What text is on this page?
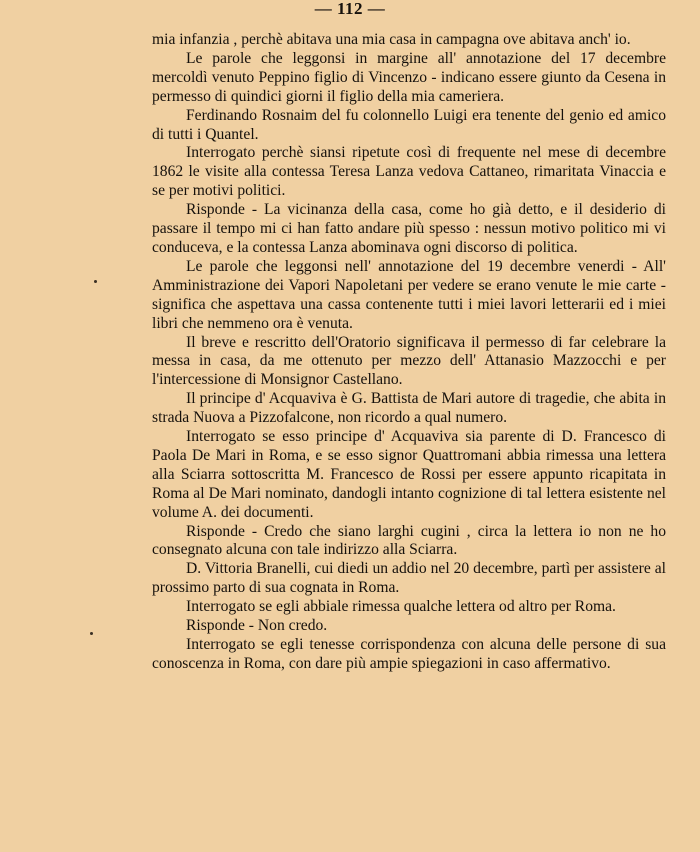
— 112 —

mia infanzia , perchè abitava una mia casa in campagna ove abitava anch' io.

Le parole che leggonsi in margine all' annotazione del 17 decembre mercoldì venuto Peppino figlio di Vincenzo - indicano essere giunto da Cesena in permesso di quindici giorni il figlio della mia cameriera.

Ferdinando Rosnaim del fu colonnello Luigi era tenente del genio ed amico di tutti i Quantel.

Interrogato perchè siansi ripetute così di frequente nel mese di decembre 1862 le visite alla contessa Teresa Lanza vedova Cattaneo, rimaritata Vinaccia e se per motivi politici.

Risponde - La vicinanza della casa, come ho già detto, e il desiderio di passare il tempo mi ci han fatto andare più spesso : nessun motivo politico mi vi conduceva, e la contessa Lanza abominava ogni discorso di politica.

Le parole che leggonsi nell' annotazione del 19 decembre venerdi - All' Amministrazione dei Vapori Napoletani per vedere se erano venute le mie carte - significa che aspettava una cassa contenente tutti i miei lavori letterarii ed i miei libri che nemmeno ora è venuta.

Il breve e rescritto dell'Oratorio significava il permesso di far celebrare la messa in casa, da me ottenuto per mezzo dell' Attanasio Mazzocchi e per l'intercessione di Monsignor Castellano.

Il principe d' Acquaviva è G. Battista de Mari autore di tragedie, che abita in strada Nuova a Pizzofalcone, non ricordo a qual numero.

Interrogato se esso principe d' Acquaviva sia parente di D. Francesco di Paola De Mari in Roma, e se esso signor Quattromani abbia rimessa una lettera alla Sciarra sottoscritta M. Francesco de Rossi per essere appunto ricapitata in Roma al De Mari nominato, dandogli intanto cognizione di tal lettera esistente nel volume A. dei documenti.

Risponde - Credo che siano larghi cugini , circa la lettera io non ne ho consegnato alcuna con tale indirizzo alla Sciarra.

D. Vittoria Branelli, cui diedi un addio nel 20 decembre, partì per assistere al prossimo parto di sua cognata in Roma.

Interrogato se egli abbiale rimessa qualche lettera od altro per Roma.

Risponde - Non credo.

Interrogato se egli tenesse corrispondenza con alcuna delle persone di sua conoscenza in Roma, con dare più ampie spiegazioni in caso affermativo.
